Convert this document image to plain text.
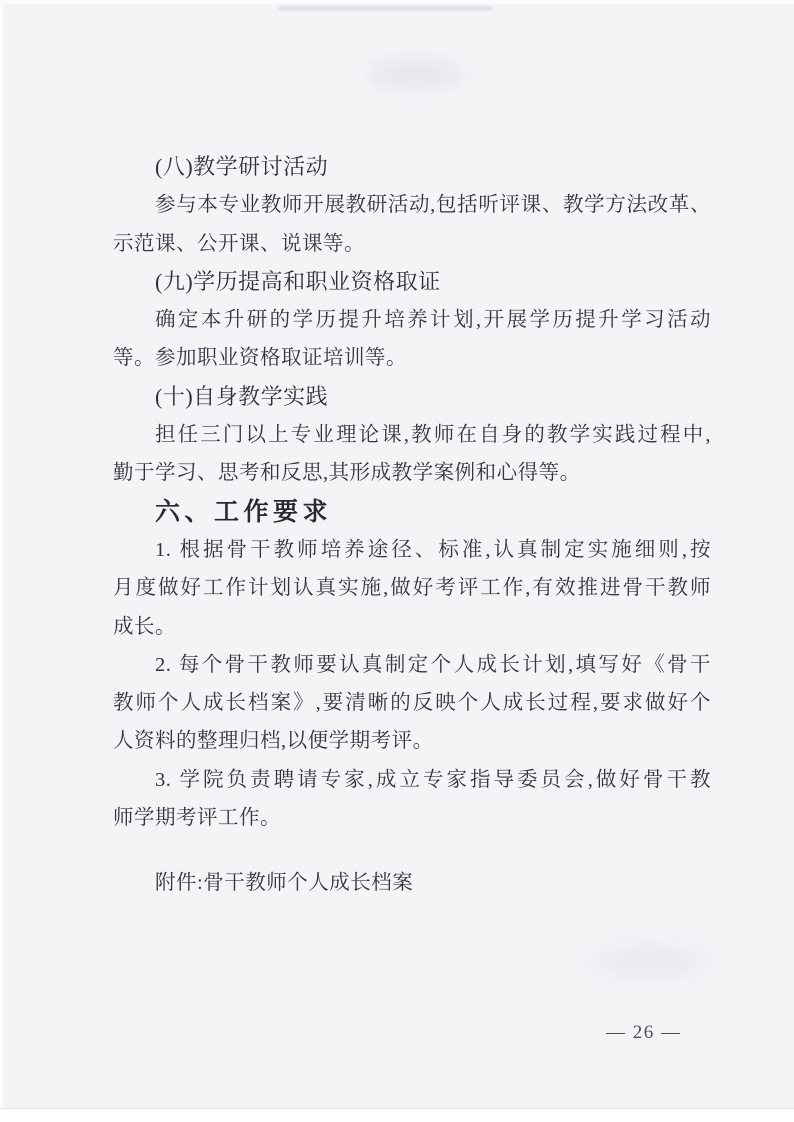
(八)教学研讨活动
参与本专业教师开展教研活动,包括听评课、教学方法改革、
示范课、公开课、说课等。
(九)学历提高和职业资格取证
确定本升研的学历提升培养计划,开展学历提升学习活动
等。参加职业资格取证培训等。
(十)自身教学实践
担任三门以上专业理论课,教师在自身的教学实践过程中,
勤于学习、思考和反思,其形成教学案例和心得等。
六、工作要求
1. 根据骨干教师培养途径、标准,认真制定实施细则,按
月度做好工作计划认真实施,做好考评工作,有效推进骨干教师
成长。
2. 每个骨干教师要认真制定个人成长计划,填写好《骨干
教师个人成长档案》,要清晰的反映个人成长过程,要求做好个
人资料的整理归档,以便学期考评。
3. 学院负责聘请专家,成立专家指导委员会,做好骨干教
师学期考评工作。
附件:骨干教师个人成长档案
— 26 —
